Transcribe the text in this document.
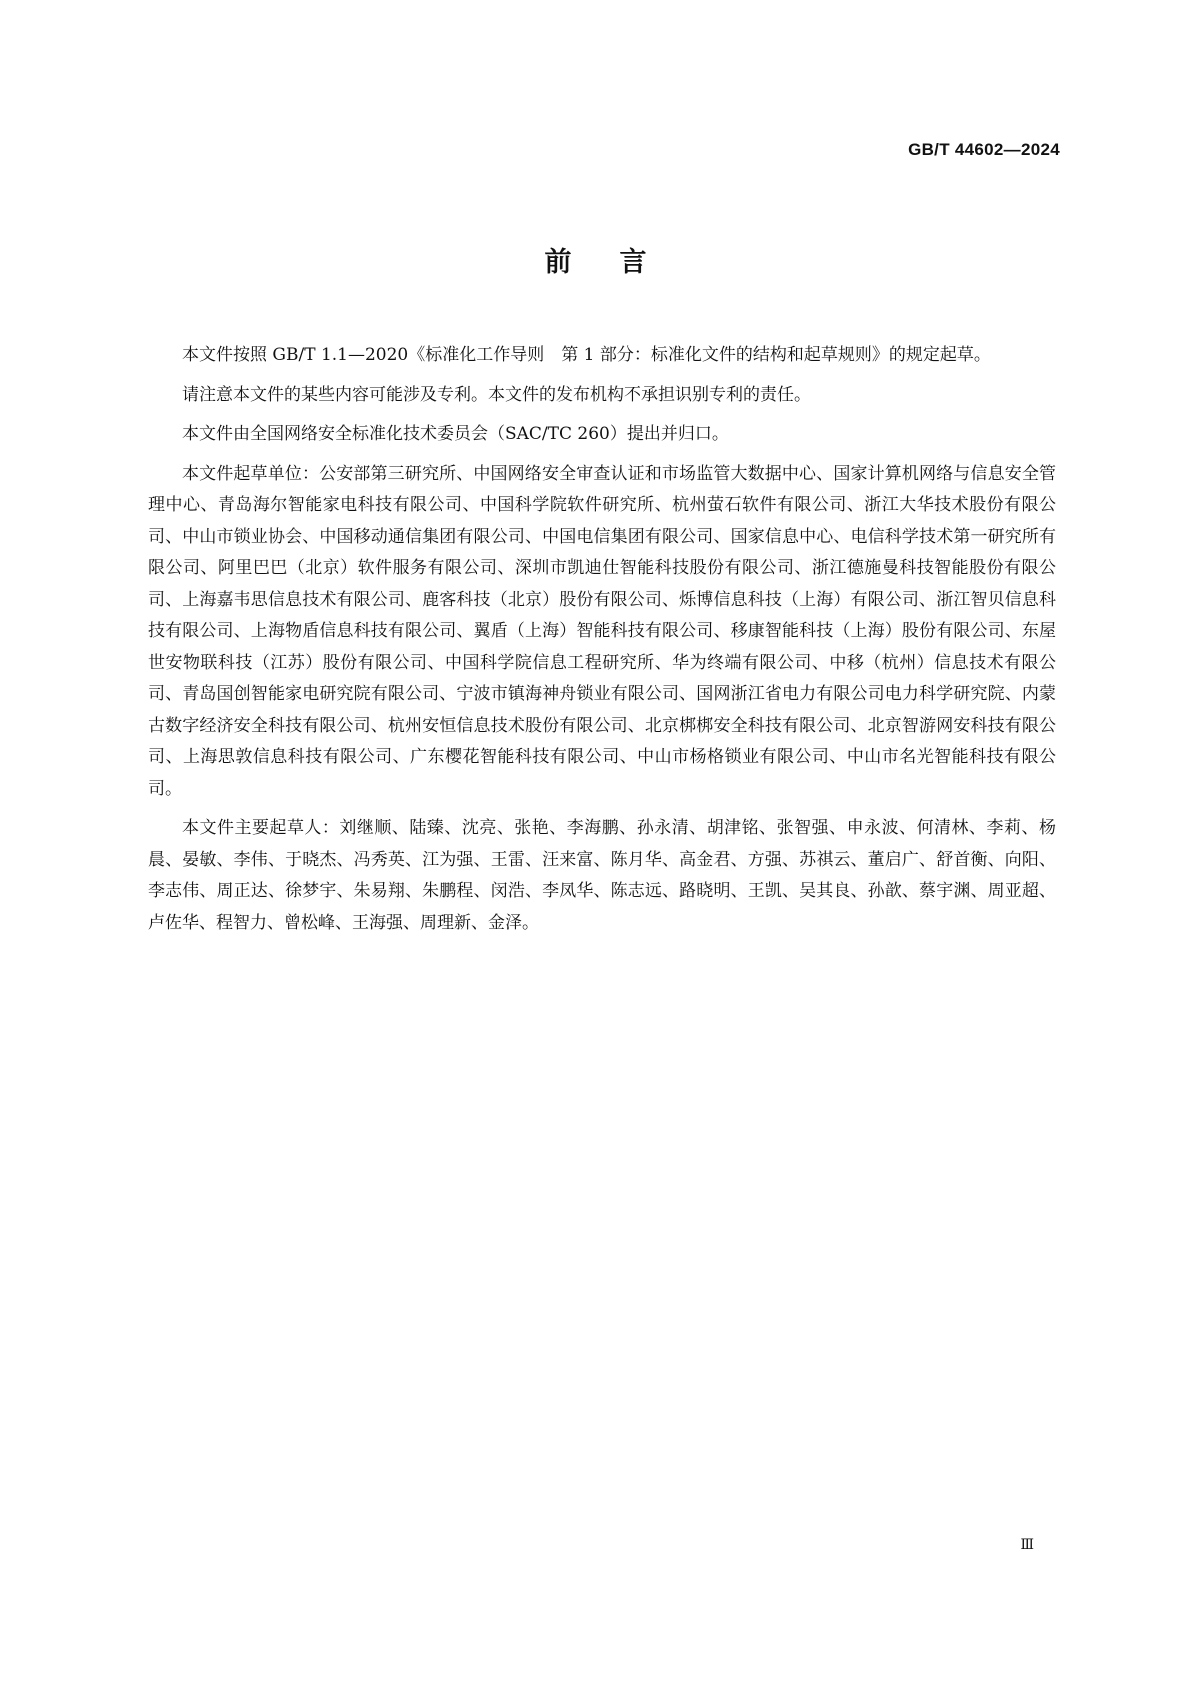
GB/T 44602—2024
前言

本文件按照 GB/T 1.1—2020《标准化工作导则　第 1 部分：标准化文件的结构和起草规则》的规定起草。

请注意本文件的某些内容可能涉及专利。本文件的发布机构不承担识别专利的责任。

本文件由全国网络安全标准化技术委员会（SAC/TC 260）提出并归口。

本文件起草单位：公安部第三研究所、中国网络安全审查认证和市场监管大数据中心、国家计算机网络与信息安全管理中心、青岛海尔智能家电科技有限公司、中国科学院软件研究所、杭州萤石软件有限公司、浙江大华技术股份有限公司、中山市锁业协会、中国移动通信集团有限公司、中国电信集团有限公司、国家信息中心、电信科学技术第一研究所有限公司、阿里巴巴（北京）软件服务有限公司、深圳市凯迪仕智能科技股份有限公司、浙江德施曼科技智能股份有限公司、上海嘉韦思信息技术有限公司、鹿客科技（北京）股份有限公司、烁博信息科技（上海）有限公司、浙江智贝信息科技有限公司、上海物盾信息科技有限公司、翼盾（上海）智能科技有限公司、移康智能科技（上海）股份有限公司、东屋世安物联科技（江苏）股份有限公司、中国科学院信息工程研究所、华为终端有限公司、中移（杭州）信息技术有限公司、青岛国创智能家电研究院有限公司、宁波市镇海神舟锁业有限公司、国网浙江省电力有限公司电力科学研究院、内蒙古数字经济安全科技有限公司、杭州安恒信息技术股份有限公司、北京梆梆安全科技有限公司、北京智游网安科技有限公司、上海思敦信息科技有限公司、广东樱花智能科技有限公司、中山市杨格锁业有限公司、中山市名光智能科技有限公司。

本文件主要起草人：刘继顺、陆臻、沈亮、张艳、李海鹏、孙永清、胡津铭、张智强、申永波、何清林、李莉、杨晨、晏敏、李伟、于晓杰、冯秀英、江为强、王雷、汪来富、陈月华、高金君、方强、苏祺云、董启广、舒首衡、向阳、李志伟、周正达、徐梦宇、朱易翔、朱鹏程、闵浩、李凤华、陈志远、路晓明、王凯、吴其良、孙歆、蔡宇渊、周亚超、卢佐华、程智力、曾松峰、王海强、周理新、金泽。

Ⅲ
